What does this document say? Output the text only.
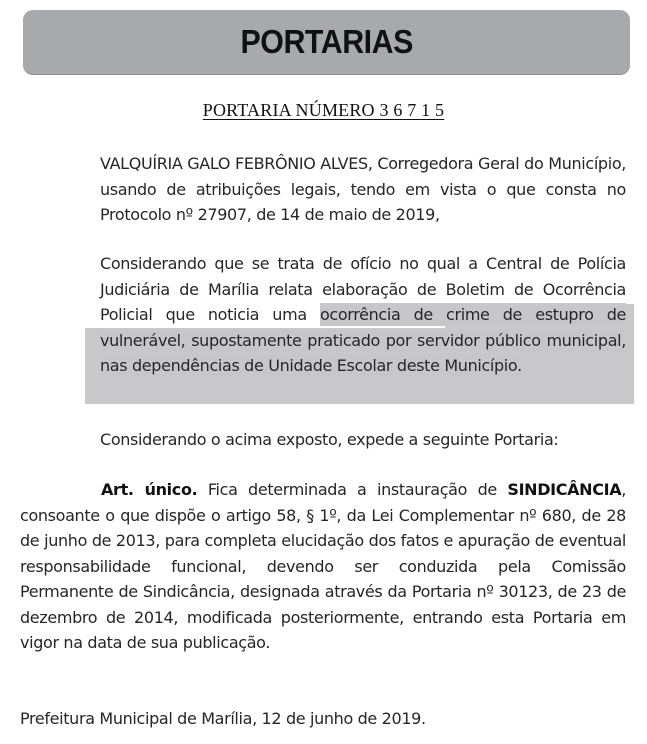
PORTARIAS
PORTARIA NÚMERO 3 6 7 1 5

VALQUÍRIA GALO FEBRÔNIO ALVES, Corregedora Geral do Município, usando de atribuições legais, tendo em vista o que consta no Protocolo nº 27907, de 14 de maio de 2019,

Considerando que se trata de ofício no qual a Central de Polícia Judiciária de Marília relata elaboração de Boletim de Ocorrência Policial que noticia uma ocorrência de crime de estupro de vulnerável, supostamente praticado por servidor público municipal, nas dependências de Unidade Escolar deste Município.

Considerando o acima exposto, expede a seguinte Portaria:

Art. único. Fica determinada a instauração de SINDICÂNCIA, consoante o que dispõe o artigo 58, § 1º, da Lei Complementar nº 680, de 28 de junho de 2013, para completa elucidação dos fatos e apuração de eventual responsabilidade funcional, devendo ser conduzida pela Comissão Permanente de Sindicância, designada através da Portaria nº 30123, de 23 de dezembro de 2014, modificada posteriormente, entrando esta Portaria em vigor na data de sua publicação.

Prefeitura Municipal de Marília, 12 de junho de 2019.
